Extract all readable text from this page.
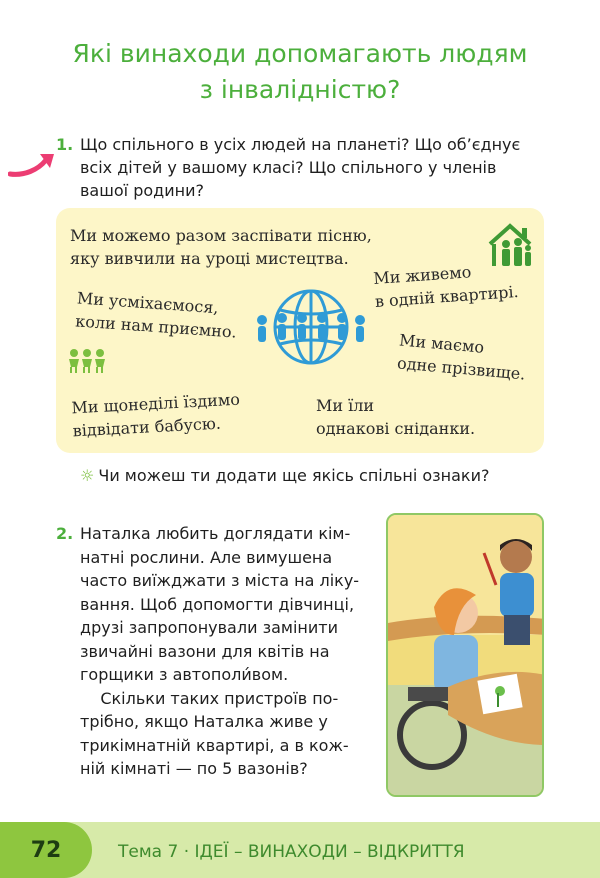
Які винаходи допомагають людям
з інвалідністю?
1. Що спільного в усіх людей на планеті? Що об’єднує
всіх дітей у вашому класі? Що спільного у членів
вашої родини?
Ми можемо разом заспівати пісню,
яку вивчили на уроці мистецтва.
Ми живемо
в одній квартирі.
Ми усміхаємося,
коли нам приємно.
Ми маємо
одне прізвище.
Ми щонеділі їздимо
відвідати бабусю.
Ми їли
однакові сніданки.
☼ Чи можеш ти додати ще якісь спільні ознаки?
2. Наталка любить доглядати кім-
натні рослини. Але вимушена
часто виїжджати з міста на ліку-
вання. Щоб допомогти дівчинці,
друзі запропонували замінити
звичайні вазони для квітів на
горщики з автополи́вом.
Скільки таких пристроїв по-
трібно, якщо Наталка живе у
трикімнатній квартирі, а в кож-
ній кімнаті — по 5 вазонів?
72	Тема 7 · ІДЕЇ – ВИНАХОДИ – ВІДКРИТТЯ
